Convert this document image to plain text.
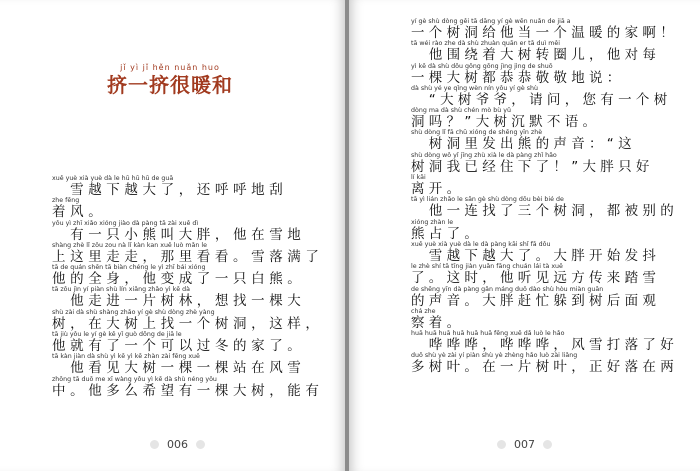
jǐ yì jǐ hěn nuǎn huo
挤一挤很暖和
xuě yuè xià yuè dà le hū hū hū de guā
　雪越下越大了，还呼呼地刮
zhe fēng
着风。
yǒu yì zhī xiǎo xióng jiào dà pàng tā zài xuě dì
　有一只小熊叫大胖，他在雪地
shàng zhè lǐ zǒu zou nà lǐ kàn kan xuě luò mǎn le
上这里走走，那里看看。雪落满了
tā de quán shēn tā biàn chéng le yì zhī bái xióng
他的全身，他变成了一只白熊。
tā zǒu jìn yí piàn shù lín xiǎng zhǎo yì kē dà
　他走进一片树林，想找一棵大
shù zài dà shù shàng zhǎo yí gè shù dòng zhè yàng
树，在大树上找一个树洞，这样，
tā jiù yǒu le yí gè kě yǐ guò dōng de jiā le
他就有了一个可以过冬的家了。
tā kàn jiàn dà shù yì kē yì kē zhàn zài fēng xuě
　他看见大树一棵一棵站在风雪
zhōng tā duō me xī wàng yǒu yì kē dà shù néng yǒu
中。他多么希望有一棵大树，能有
006	007
yí gè shù dòng gěi tā dāng yí gè wēn nuǎn de jiā a
一个树洞给他当一个温暖的家啊！
tā wéi rào zhe dà shù zhuàn quān er tā duì měi
　他围绕着大树转圈儿，他对每
yì kē dà shù dōu gōng gōng jìng jìng de shuō
一棵大树都恭恭敬敬地说：
dà shù yé ye qǐng wèn nín yǒu yí gè shù
　“大树爷爷，请问，您有一个树
dòng ma dà shù chén mò bù yǔ
洞吗？”大树沉默不语。
shù dòng lǐ fā chū xióng de shēng yīn zhè
　树洞里发出熊的声音：“这
shù dòng wǒ yǐ jīng zhù xià le dà pàng zhǐ hǎo
树洞我已经住下了！”大胖只好
lí kāi
离开。
tā yì lián zhǎo le sān gè shù dòng dōu bèi bié de
　他一连找了三个树洞，都被别的
xióng zhàn le
熊占了。
xuě yuè xià yuè dà le dà pàng kāi shǐ fā dǒu
　雪越下越大了。大胖开始发抖
le zhè shí tā tīng jiàn yuǎn fāng chuán lái tà xuě
了。这时，他听见远方传来踏雪
de shēng yīn dà pàng gǎn máng duǒ dào shù hòu miàn guān
的声音。大胖赶忙躲到树后面观
chá zhe
察着。
huā huā huā huā huā huā fēng xuě dǎ luò le hǎo
　哗哗哗，哗哗哗，风雪打落了好
duō shù yè zài yí piàn shù yè zhèng hǎo luò zài liǎng
多树叶。在一片树叶，正好落在两
